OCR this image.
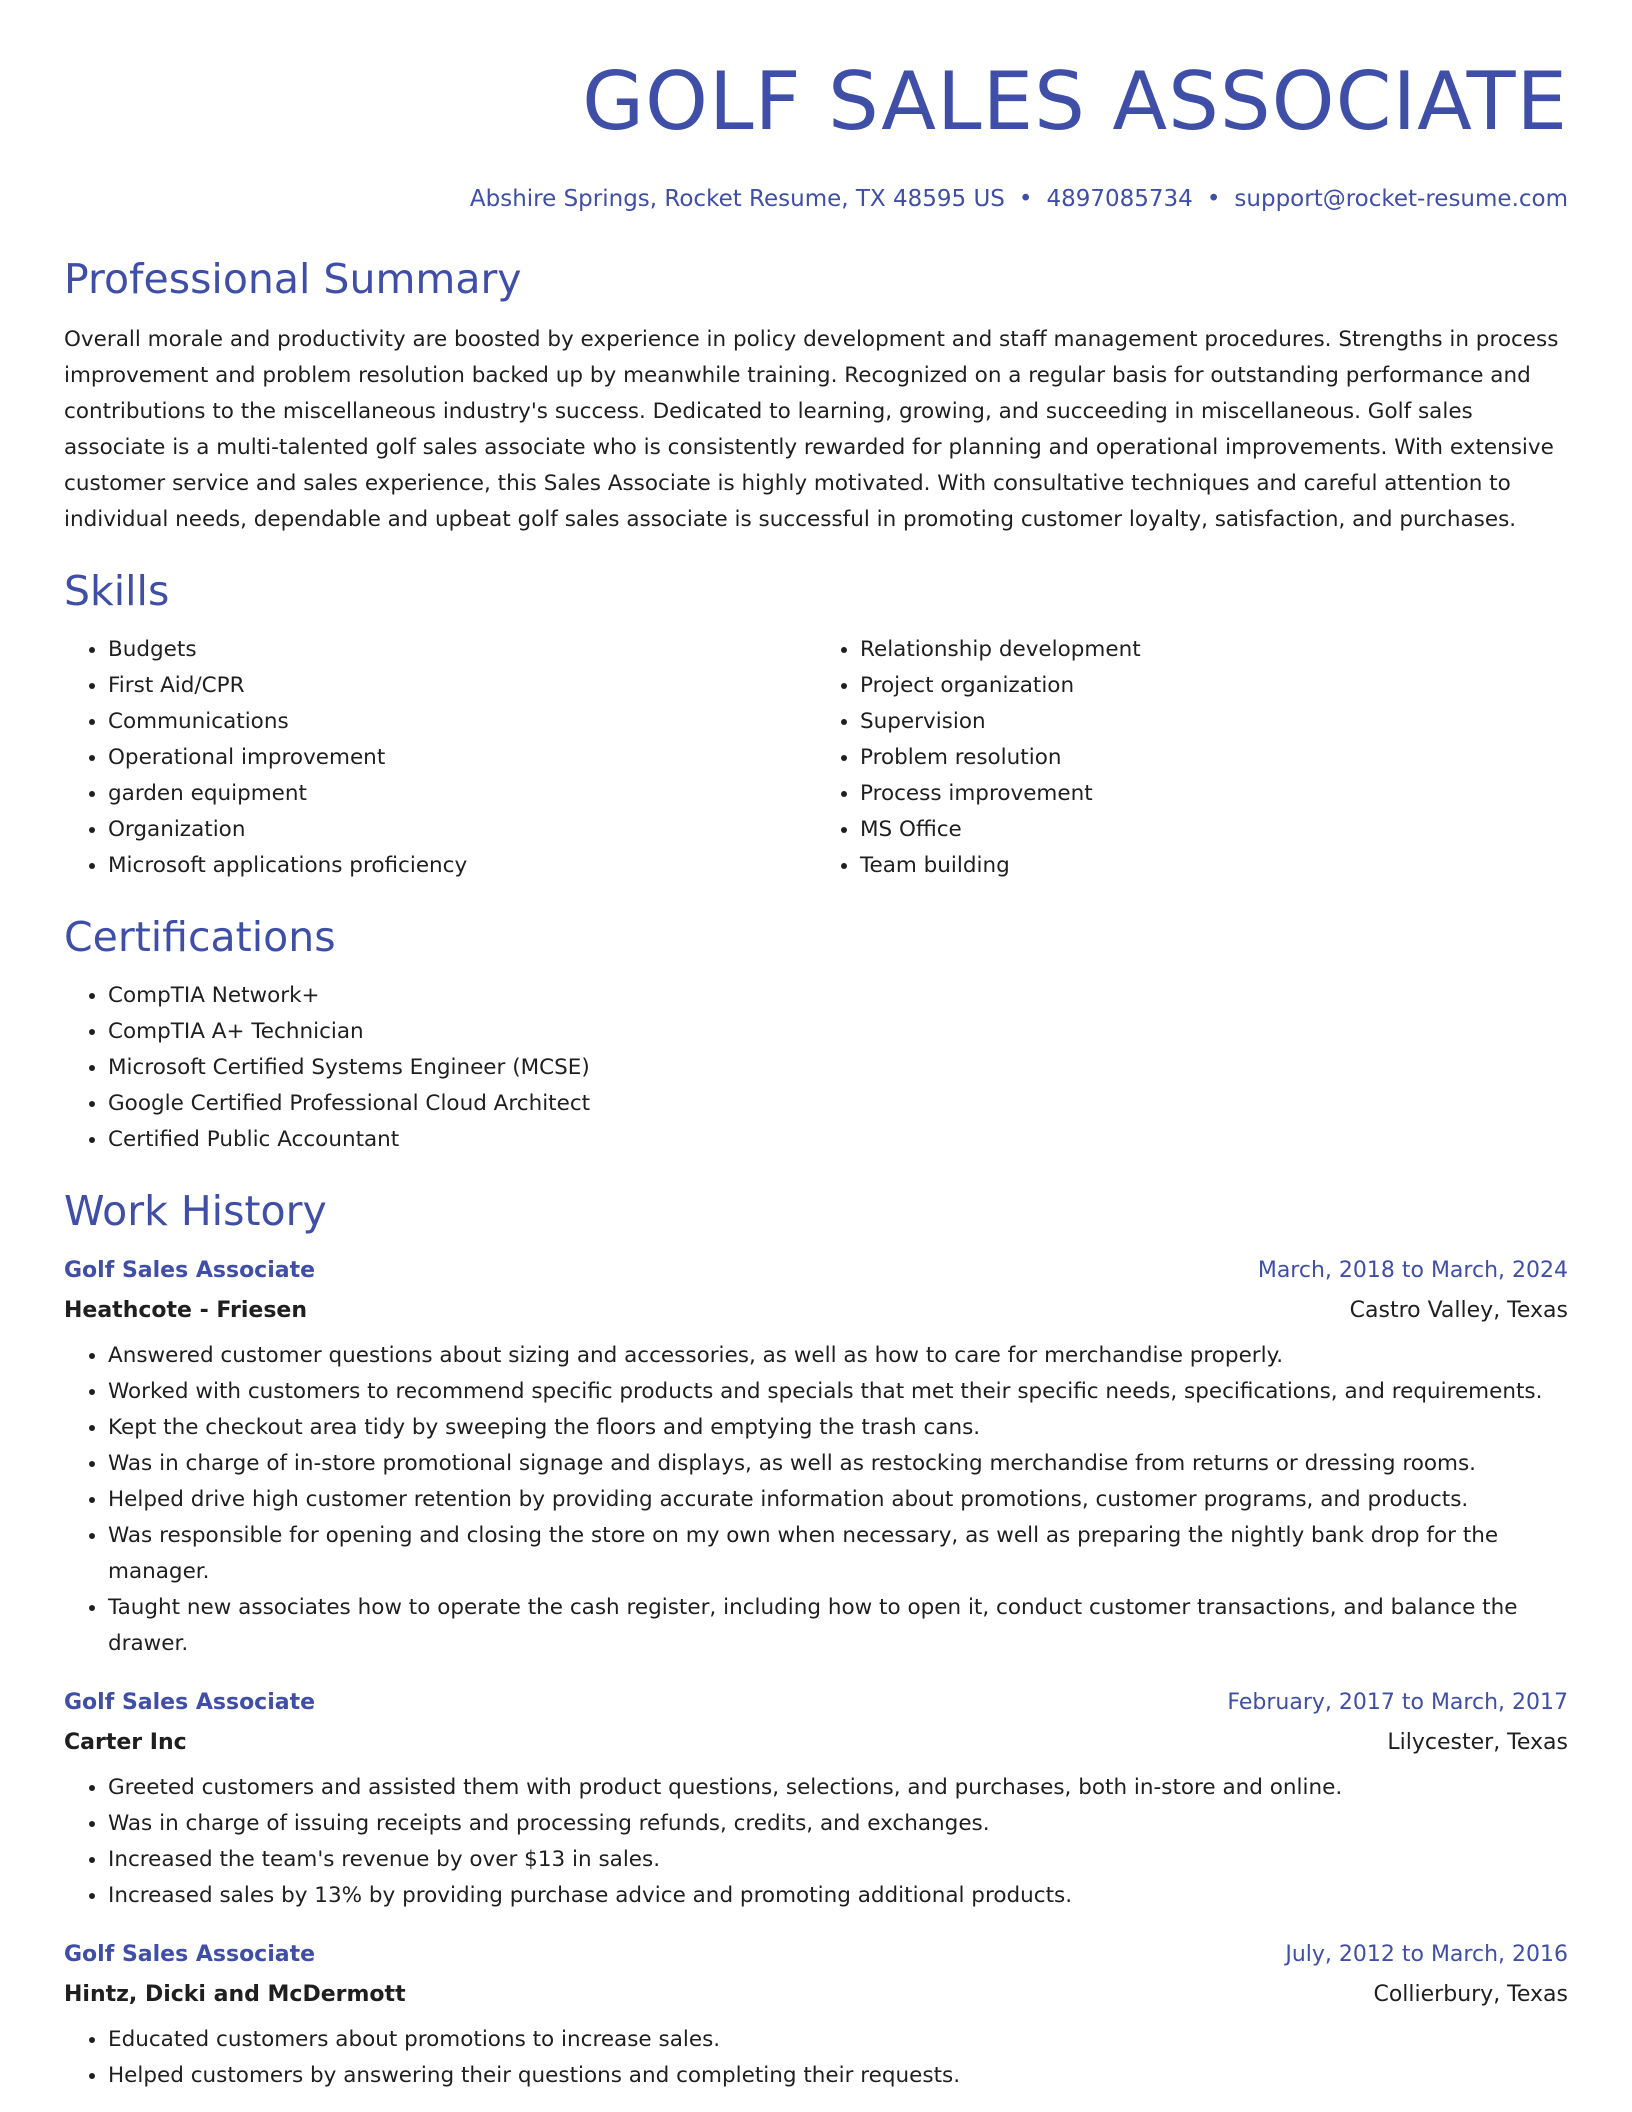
GOLF SALES ASSOCIATE
Abshire Springs, Rocket Resume, TX 48595 US • 4897085734 • support@rocket-resume.com
Professional Summary

Overall morale and productivity are boosted by experience in policy development and staff management procedures. Strengths in process improvement and problem resolution backed up by meanwhile training. Recognized on a regular basis for outstanding performance and contributions to the miscellaneous industry's success. Dedicated to learning, growing, and succeeding in miscellaneous. Golf sales associate is a multi-talented golf sales associate who is consistently rewarded for planning and operational improvements. With extensive customer service and sales experience, this Sales Associate is highly motivated. With consultative techniques and careful attention to individual needs, dependable and upbeat golf sales associate is successful in promoting customer loyalty, satisfaction, and purchases.

Skills
• Budgets
• First Aid/CPR
• Communications
• Operational improvement
• garden equipment
• Organization
• Microsoft applications proficiency
• Relationship development
• Project organization
• Supervision
• Problem resolution
• Process improvement
• MS Office
• Team building
Certifications
• CompTIA Network+
• CompTIA A+ Technician
• Microsoft Certified Systems Engineer (MCSE)
• Google Certified Professional Cloud Architect
• Certified Public Accountant
Work History
Golf Sales Associate	March, 2018 to March, 2024
Heathcote - Friesen	Castro Valley, Texas
• Answered customer questions about sizing and accessories, as well as how to care for merchandise properly.
• Worked with customers to recommend specific products and specials that met their specific needs, specifications, and requirements.
• Kept the checkout area tidy by sweeping the floors and emptying the trash cans.
• Was in charge of in-store promotional signage and displays, as well as restocking merchandise from returns or dressing rooms.
• Helped drive high customer retention by providing accurate information about promotions, customer programs, and products.
• Was responsible for opening and closing the store on my own when necessary, as well as preparing the nightly bank drop for the manager.
• Taught new associates how to operate the cash register, including how to open it, conduct customer transactions, and balance the drawer.
Golf Sales Associate	February, 2017 to March, 2017
Carter Inc	Lilycester, Texas
• Greeted customers and assisted them with product questions, selections, and purchases, both in-store and online.
• Was in charge of issuing receipts and processing refunds, credits, and exchanges.
• Increased the team's revenue by over $13 in sales.
• Increased sales by 13% by providing purchase advice and promoting additional products.
Golf Sales Associate	July, 2012 to March, 2016
Hintz, Dicki and McDermott	Collierbury, Texas
• Educated customers about promotions to increase sales.
• Helped customers by answering their questions and completing their requests.
